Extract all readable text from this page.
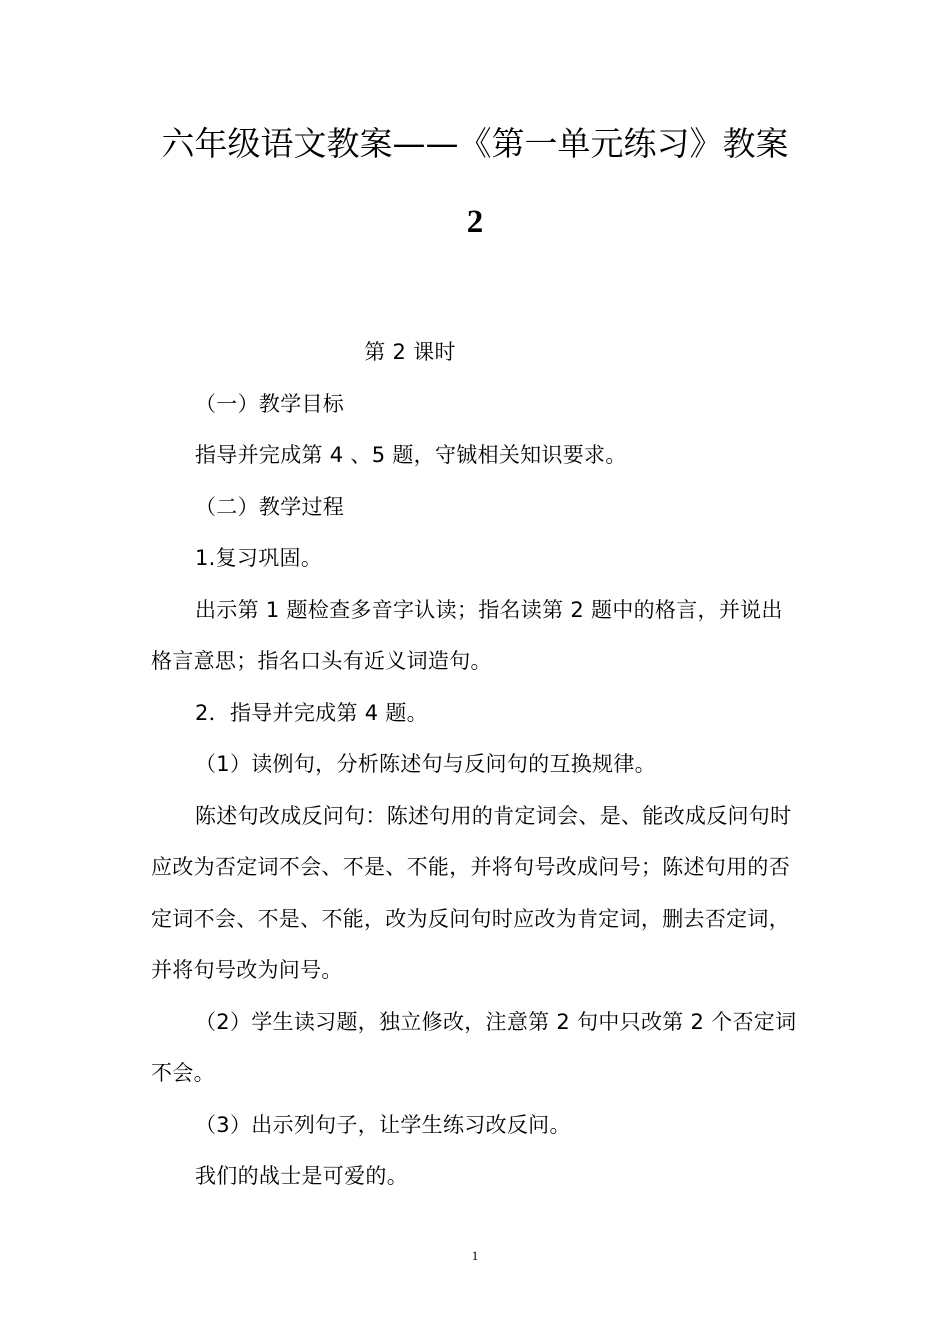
六年级语文教案——《第一单元练习》教案
2

第 2 课时

（一）教学目标

指导并完成第 4 、5 题，守铖相关知识要求。

（二）教学过程

1.复习巩固。

出示第 1 题检查多音字认读；指名读第 2 题中的格言，并说出格言意思；指名口头有近义词造句。

2．指导并完成第 4 题。

（1）读例句，分析陈述句与反问句的互换规律。

陈述句改成反问句：陈述句用的肯定词会、是、能改成反问句时应改为否定词不会、不是、不能，并将句号改成问号；陈述句用的否定词不会、不是、不能，改为反问句时应改为肯定词，删去否定词，并将句号改为问号。

（2）学生读习题，独立修改，注意第 2 句中只改第 2 个否定词不会。

（3）出示列句子，让学生练习改反问。

我们的战士是可爱的。

1
